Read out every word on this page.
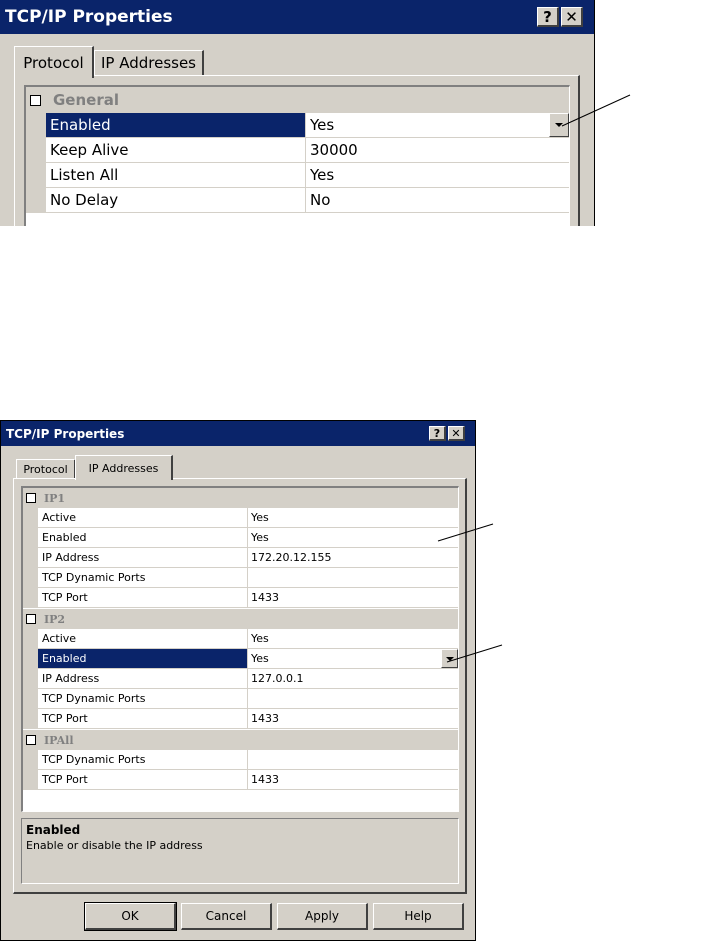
TCP/IP Properties	? ✕
Protocol IP Addresses
General
Enabled	Yes
Keep Alive	30000
Listen All	Yes
No Delay	No
TCP/IP Properties	? ✕
Protocol IP Addresses
IP1
Active	Yes
Enabled	Yes
IP Address	172.20.12.155
TCP Dynamic Ports
TCP Port	1433
IP2
Active	Yes
Enabled	Yes
IP Address	127.0.0.1
TCP Dynamic Ports
TCP Port	1433
IPAll
TCP Dynamic Ports
TCP Port	1433
Enabled
Enable or disable the IP address
OK	Cancel	Apply	Help
